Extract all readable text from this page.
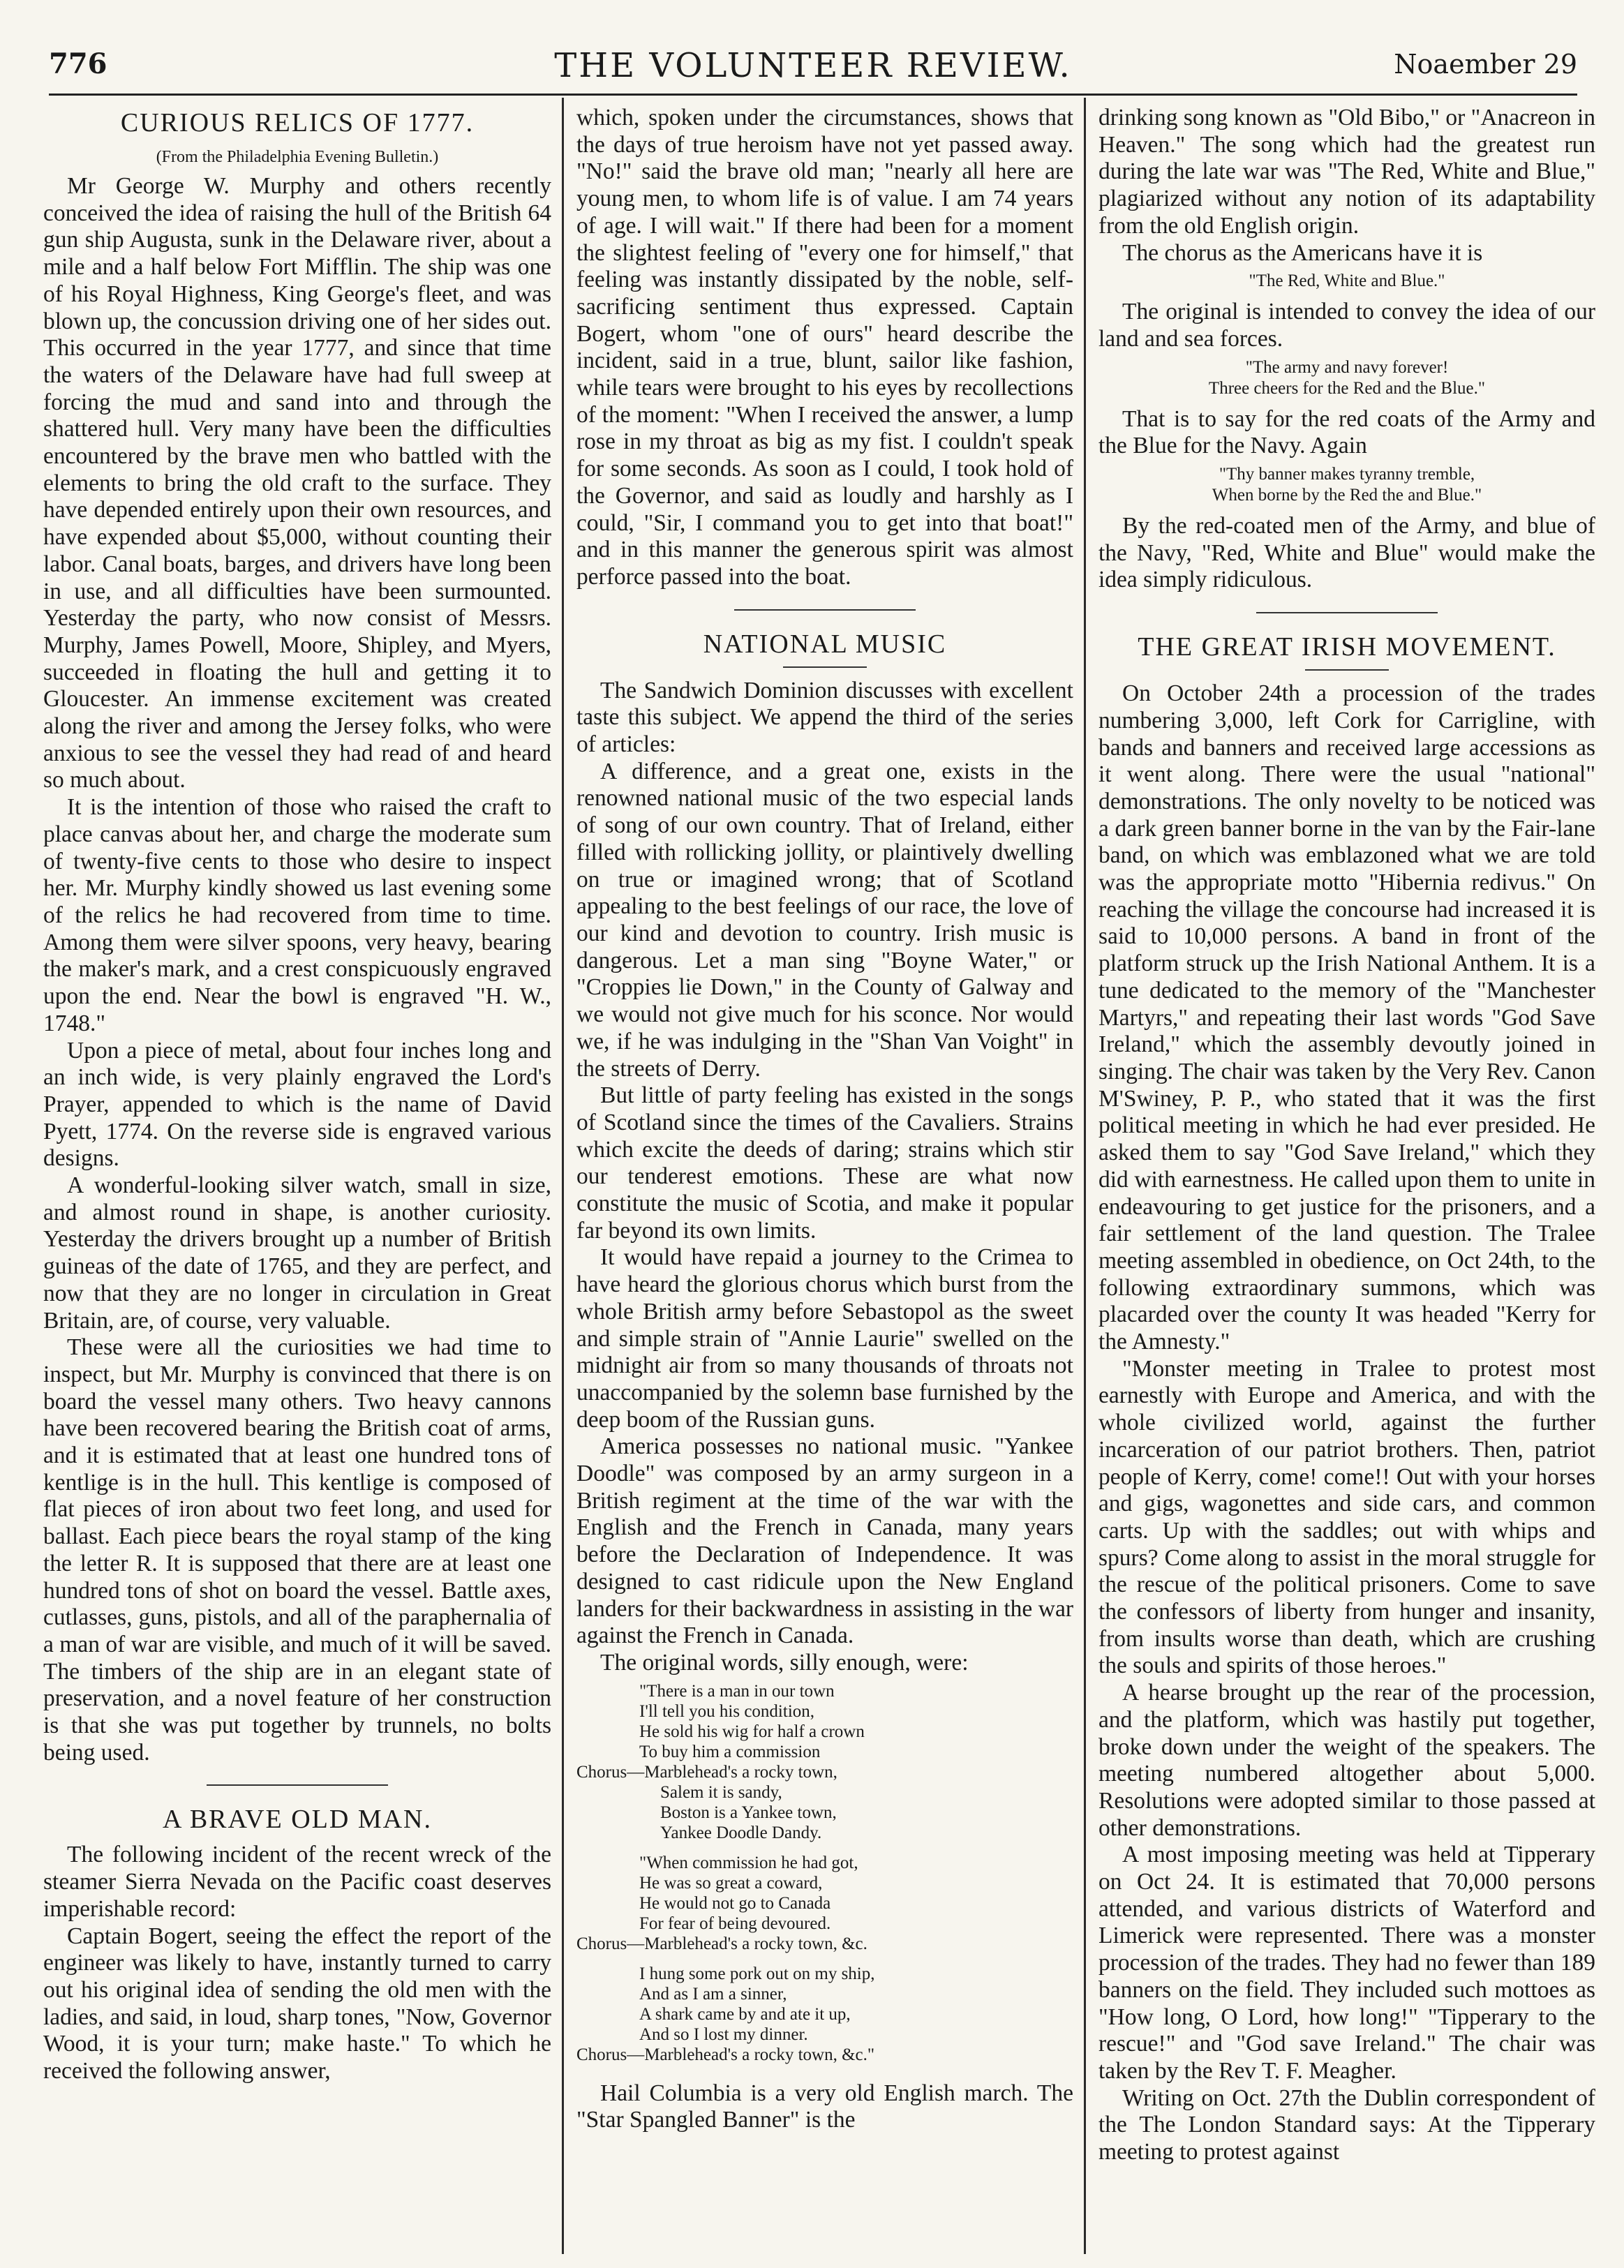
776	THE VOLUNTEER REVIEW.	Noaember 29
CURIOUS RELICS OF 1777.
(From the Philadelphia Evening Bulletin.)

Mr George W. Murphy and others recently conceived the idea of raising the hull of the British 64 gun ship Augusta, sunk in the Delaware river, about a mile and a half below Fort Mifflin. The ship was one of his Royal Highness, King George's fleet, and was blown up, the concussion driving one of her sides out. This occurred in the year 1777, and since that time the waters of the Delaware have had full sweep at forcing the mud and sand into and through the shattered hull. Very many have been the difficulties encountered by the brave men who battled with the elements to bring the old craft to the surface. They have depended entirely upon their own resources, and have expended about $5,000, without counting their labor. Canal boats, barges, and drivers have long been in use, and all difficulties have been surmounted. Yesterday the party, who now consist of Messrs. Murphy, James Powell, Moore, Shipley, and Myers, succeeded in floating the hull and getting it to Gloucester. An immense excitement was created along the river and among the Jersey folks, who were anxious to see the vessel they had read of and heard so much about.

It is the intention of those who raised the craft to place canvas about her, and charge the moderate sum of twenty-five cents to those who desire to inspect her. Mr. Murphy kindly showed us last evening some of the relics he had recovered from time to time. Among them were silver spoons, very heavy, bearing the maker's mark, and a crest conspicuously engraved upon the end. Near the bowl is engraved "H. W., 1748."

Upon a piece of metal, about four inches long and an inch wide, is very plainly engraved the Lord's Prayer, appended to which is the name of David Pyett, 1774. On the reverse side is engraved various designs.

A wonderful-looking silver watch, small in size, and almost round in shape, is another curiosity. Yesterday the drivers brought up a number of British guineas of the date of 1765, and they are perfect, and now that they are no longer in circulation in Great Britain, are, of course, very valuable.

These were all the curiosities we had time to inspect, but Mr. Murphy is convinced that there is on board the vessel many others. Two heavy cannons have been recovered bearing the British coat of arms, and it is estimated that at least one hundred tons of kentlige is in the hull. This kentlige is composed of flat pieces of iron about two feet long, and used for ballast. Each piece bears the royal stamp of the king the letter R. It is supposed that there are at least one hundred tons of shot on board the vessel. Battle axes, cutlasses, guns, pistols, and all of the paraphernalia of a man of war are visible, and much of it will be saved. The timbers of the ship are in an elegant state of preservation, and a novel feature of her construction is that she was put together by trunnels, no bolts being used.

A BRAVE OLD MAN.

The following incident of the recent wreck of the steamer Sierra Nevada on the Pacific coast deserves imperishable record:

Captain Bogert, seeing the effect the report of the engineer was likely to have, instantly turned to carry out his original idea of sending the old men with the ladies, and said, in loud, sharp tones, "Now, Governor Wood, it is your turn; make haste." To which he received the following answer,

which, spoken under the circumstances, shows that the days of true heroism have not yet passed away. "No!" said the brave old man; "nearly all here are young men, to whom life is of value. I am 74 years of age. I will wait." If there had been for a moment the slightest feeling of "every one for himself," that feeling was instantly dissipated by the noble, self-sacrificing sentiment thus expressed. Captain Bogert, whom "one of ours" heard describe the incident, said in a true, blunt, sailor like fashion, while tears were brought to his eyes by recollections of the moment: "When I received the answer, a lump rose in my throat as big as my fist. I couldn't speak for some seconds. As soon as I could, I took hold of the Governor, and said as loudly and harshly as I could, "Sir, I command you to get into that boat!" and in this manner the generous spirit was almost perforce passed into the boat.

NATIONAL MUSIC

The Sandwich Dominion discusses with excellent taste this subject. We append the third of the series of articles:

A difference, and a great one, exists in the renowned national music of the two especial lands of song of our own country. That of Ireland, either filled with rollicking jollity, or plaintively dwelling on true or imagined wrong; that of Scotland appealing to the best feelings of our race, the love of our kind and devotion to country. Irish music is dangerous. Let a man sing "Boyne Water," or "Croppies lie Down," in the County of Galway and we would not give much for his sconce. Nor would we, if he was indulging in the "Shan Van Voight" in the streets of Derry.

But little of party feeling has existed in the songs of Scotland since the times of the Cavaliers. Strains which excite the deeds of daring; strains which stir our tenderest emotions. These are what now constitute the music of Scotia, and make it popular far beyond its own limits.

It would have repaid a journey to the Crimea to have heard the glorious chorus which burst from the whole British army before Sebastopol as the sweet and simple strain of "Annie Laurie" swelled on the midnight air from so many thousands of throats not unaccompanied by the solemn base furnished by the deep boom of the Russian guns.

America possesses no national music. "Yankee Doodle" was composed by an army surgeon in a British regiment at the time of the war with the English and the French in Canada, many years before the Declaration of Independence. It was designed to cast ridicule upon the New England landers for their backwardness in assisting in the war against the French in Canada.

The original words, silly enough, were:

"There is a man in our town
I'll tell you his condition,
He sold his wig for half a crown
To buy him a commission
Chorus—Marblehead's a rocky town,
Salem it is sandy,
Boston is a Yankee town,
Yankee Doodle Dandy.
"When commission he had got,
He was so great a coward,
He would not go to Canada
For fear of being devoured.
Chorus—Marblehead's a rocky town, &c.
I hung some pork out on my ship,
And as I am a sinner,
A shark came by and ate it up,
And so I lost my dinner.
Chorus—Marblehead's a rocky town, &c."

Hail Columbia is a very old English march. The "Star Spangled Banner" is the

drinking song known as "Old Bibo," or "Anacreon in Heaven." The song which had the greatest run during the late war was "The Red, White and Blue," plagiarized without any notion of its adaptability from the old English origin.

The chorus as the Americans have it is

"The Red, White and Blue."

The original is intended to convey the idea of our land and sea forces.

"The army and navy forever!
Three cheers for the Red and the Blue."

That is to say for the red coats of the Army and the Blue for the Navy. Again

"Thy banner makes tyranny tremble,
When borne by the Red the and Blue."

By the red-coated men of the Army, and blue of the Navy, "Red, White and Blue" would make the idea simply ridiculous.

THE GREAT IRISH MOVEMENT.

On October 24th a procession of the trades numbering 3,000, left Cork for Carrigline, with bands and banners and received large accessions as it went along. There were the usual "national" demonstrations. The only novelty to be noticed was a dark green banner borne in the van by the Fair-lane band, on which was emblazoned what we are told was the appropriate motto "Hibernia redivus." On reaching the village the concourse had increased it is said to 10,000 persons. A band in front of the platform struck up the Irish National Anthem. It is a tune dedicated to the memory of the "Manchester Martyrs," and repeating their last words "God Save Ireland," which the assembly devoutly joined in singing. The chair was taken by the Very Rev. Canon M'Swiney, P. P., who stated that it was the first political meeting in which he had ever presided. He asked them to say "God Save Ireland," which they did with earnestness. He called upon them to unite in endeavouring to get justice for the prisoners, and a fair settlement of the land question. The Tralee meeting assembled in obedience, on Oct 24th, to the following extraordinary summons, which was placarded over the county It was headed "Kerry for the Amnesty."

"Monster meeting in Tralee to protest most earnestly with Europe and America, and with the whole civilized world, against the further incarceration of our patriot brothers. Then, patriot people of Kerry, come! come!! Out with your horses and gigs, wagonettes and side cars, and common carts. Up with the saddles; out with whips and spurs? Come along to assist in the moral struggle for the rescue of the political prisoners. Come to save the confessors of liberty from hunger and insanity, from insults worse than death, which are crushing the souls and spirits of those heroes."

A hearse brought up the rear of the procession, and the platform, which was hastily put together, broke down under the weight of the speakers. The meeting numbered altogether about 5,000. Resolutions were adopted similar to those passed at other demonstrations.

A most imposing meeting was held at Tipperary on Oct 24. It is estimated that 70,000 persons attended, and various districts of Waterford and Limerick were represented. There was a monster procession of the trades. They had no fewer than 189 banners on the field. They included such mottoes as "How long, O Lord, how long!" "Tipperary to the rescue!" and "God save Ireland." The chair was taken by the Rev T. F. Meagher.

Writing on Oct. 27th the Dublin correspondent of the The London Standard says: At the Tipperary meeting to protest against
